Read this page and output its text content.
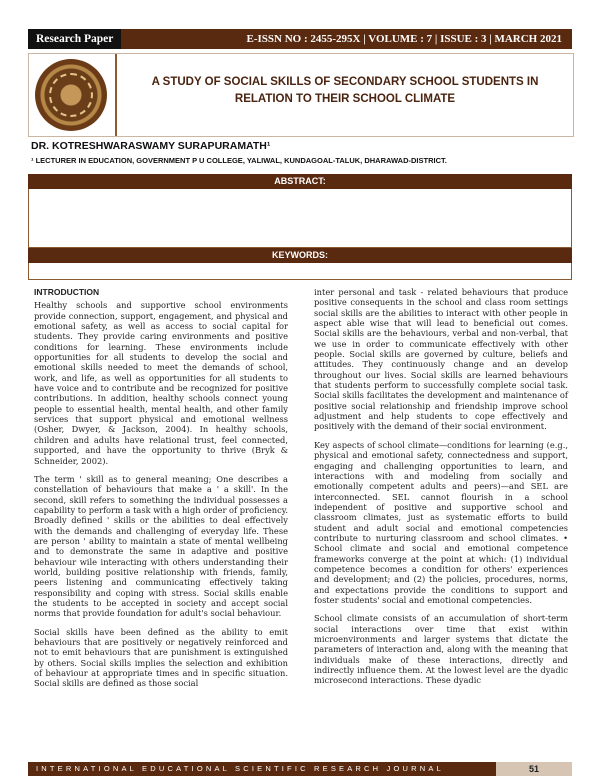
Research Paper	E-ISSN NO : 2455-295X | VOLUME : 7 | ISSUE : 3 | MARCH 2021
A STUDY OF SOCIAL SKILLS OF SECONDARY SCHOOL STUDENTS IN
RELATION TO THEIR SCHOOL CLIMATE
DR. KOTRESHWARASWAMY SURAPURAMATH¹
¹ LECTURER IN EDUCATION, GOVERNMENT P U COLLEGE, YALIWAL, KUNDAGOAL-TALUK, DHARAWAD-DISTRICT.
ABSTRACT:
KEYWORDS:
INTRODUCTION

Healthy schools and supportive school environments provide connection, support, engagement, and physical and emotional safety, as well as access to social capital for students. They provide caring environments and positive conditions for learning. These environments include opportunities for all students to develop the social and emotional skills needed to meet the demands of school, work, and life, as well as opportunities for all students to have voice and to contribute and be recognized for positive contributions. In addition, healthy schools connect young people to essential health, mental health, and other family services that support physical and emotional wellness (Osher, Dwyer, & Jackson, 2004). In healthy schools, children and adults have relational trust, feel connected, supported, and have the opportunity to thrive (Bryk & Schneider, 2002).

The term ' skill as to general meaning; One describes a constellation of behaviours that make a ' a skill'. In the second, skill refers to something the individual possesses a capability to perform a task with a high order of proficiency. Broadly defined ' skills or the abilities to deal effectively with the demands and challenging of everyday life. These are person ' ability to maintain a state of mental wellbeing and to demonstrate the same in adaptive and positive behaviour wile interacting with others understanding their world, building positive relationship with friends, family, peers listening and communicating effectively taking responsibility and coping with stress. Social skills enable the students to be accepted in society and accept social norms that provide foundation for adult's social behaviour.

Social skills have been defined as the ability to emit behaviours that are positively or negatively reinforced and not to emit behaviours that are punishment is extinguished by others. Social skills implies the selection and exhibition of behaviour at appropriate times and in specific situation. Social skills are defined as those social

inter personal and task - related behaviours that produce positive consequents in the school and class room settings social skills are the abilities to interact with other people in aspect able wise that will lead to beneficial out comes. Social skills are the behaviours, verbal and non-verbal, that we use in order to communicate effectively with other people. Social skills are governed by culture, beliefs and attitudes. They continuously change and an develop throughout our lives. Social skills are learned behaviours that students perform to successfully complete social task. Social skills facilitates the development and maintenance of positive social relationship and friendship improve school adjustment and help students to cope effectively and positively with the demand of their social environment.

Key aspects of school climate—conditions for learning (e.g., physical and emotional safety, connectedness and support, engaging and challenging opportunities to learn, and interactions with and modeling from socially and emotionally competent adults and peers)—and SEL are interconnected. SEL cannot flourish in a school independent of positive and supportive school and classroom climates, just as systematic efforts to build student and adult social and emotional competencies contribute to nurturing classroom and school climates. • School climate and social and emotional competence frameworks converge at the point at which: (1) individual competence becomes a condition for others' experiences and development; and (2) the policies, procedures, norms, and expectations provide the conditions to support and foster students' social and emotional competencies.

School climate consists of an accumulation of short-term social interactions over time that exist within microenvironments and larger systems that dictate the parameters of interaction and, along with the meaning that individuals make of these interactions, directly and indirectly influence them. At the lowest level are the dyadic microsecond interactions. These dyadic

INTERNATIONAL EDUCATIONAL SCIENTIFIC RESEARCH JOURNAL	51
